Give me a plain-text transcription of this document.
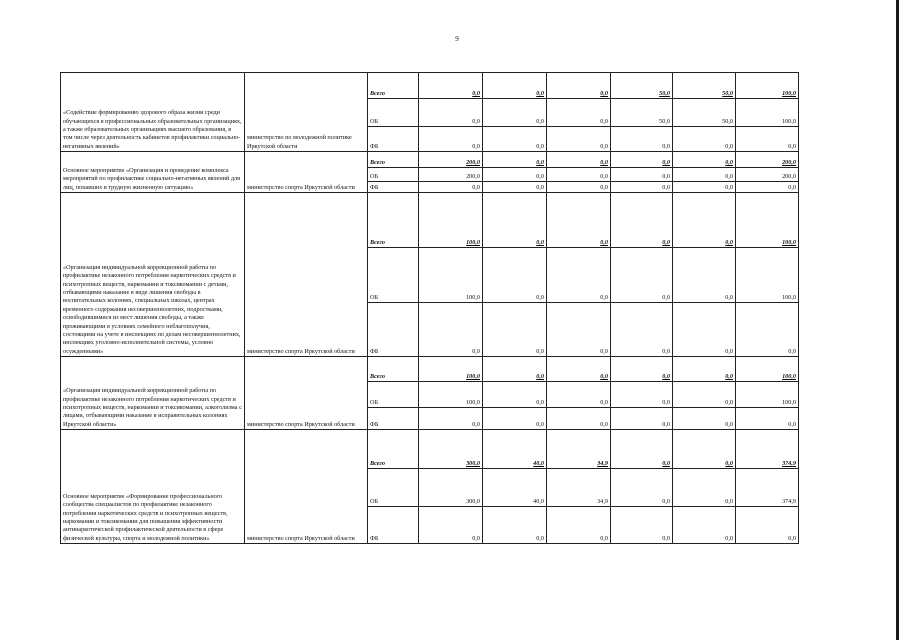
9
«Содействие формированию здорового образа жизни среди обучающихся в профессиональных образовательных организациях, а также образовательных организациях высшего образования, в том числе через деятельность кабинетов профилактики социально-негативных явлений»	министерство по молодежной политике Иркутской области	Всего	0,0	0,0	0,0	50,0	50,0	100,0
		ОБ	0,0	0,0	0,0	50,0	50,0	100,0
		ФБ	0,0	0,0	0,0	0,0	0,0	0,0
Основное мероприятие «Организация и проведение комплекса мероприятий по профилактике социально-негативных явлений для лиц, попавших в трудную жизненную ситуацию»	министерство спорта Иркутской области	Всего	200,0	0,0	0,0	0,0	0,0	200,0
		ОБ	200,0	0,0	0,0	0,0	0,0	200,0
		ФБ	0,0	0,0	0,0	0,0	0,0	0,0
«Организация индивидуальной коррекционной работы по профилактике незаконного потребления наркотических средств и психотропных веществ, наркомании и токсикомании с детьми, отбывающими наказание в виде лишения свободы в воспитательных колониях, специальных школах, центрах временного содержания несовершеннолетних, подростками, освободившимися из мест лишения свободы, а также проживающими в условиях семейного неблагополучия, состоящими на учете в инспекциях по делам несовершеннолетних, инспекциях уголовно-исполнительной системы, условно осужденными»	министерство спорта Иркутской области	Всего	100,0	0,0	0,0	0,0	0,0	100,0
		ОБ	100,0	0,0	0,0	0,0	0,0	100,0
		ФБ	0,0	0,0	0,0	0,0	0,0	0,0
«Организация индивидуальной коррекционной работы по профилактике незаконного потребления наркотических средств и психотропных веществ, наркомании и токсикомании, алкоголизма с лицами, отбывающими наказание в исправительных колониях Иркутской области»	министерство спорта Иркутской области	Всего	100,0	0,0	0,0	0,0	0,0	100,0
		ОБ	100,0	0,0	0,0	0,0	0,0	100,0
		ФБ	0,0	0,0	0,0	0,0	0,0	0,0
Основное мероприятие «Формирование профессионального сообщества специалистов по профилактике незаконного потребления наркотических средств и психотропных веществ, наркомании и токсикомании для повышения эффективности антинаркотической профилактической деятельности в сфере физической культуры, спорта и молодежной политики»	министерство спорта Иркутской области	Всего	300,0	40,0	34,9	0,0	0,0	374,9
		ОБ	300,0	40,0	34,9	0,0	0,0	374,9
		ФБ	0,0	0,0	0,0	0,0	0,0	0,0
